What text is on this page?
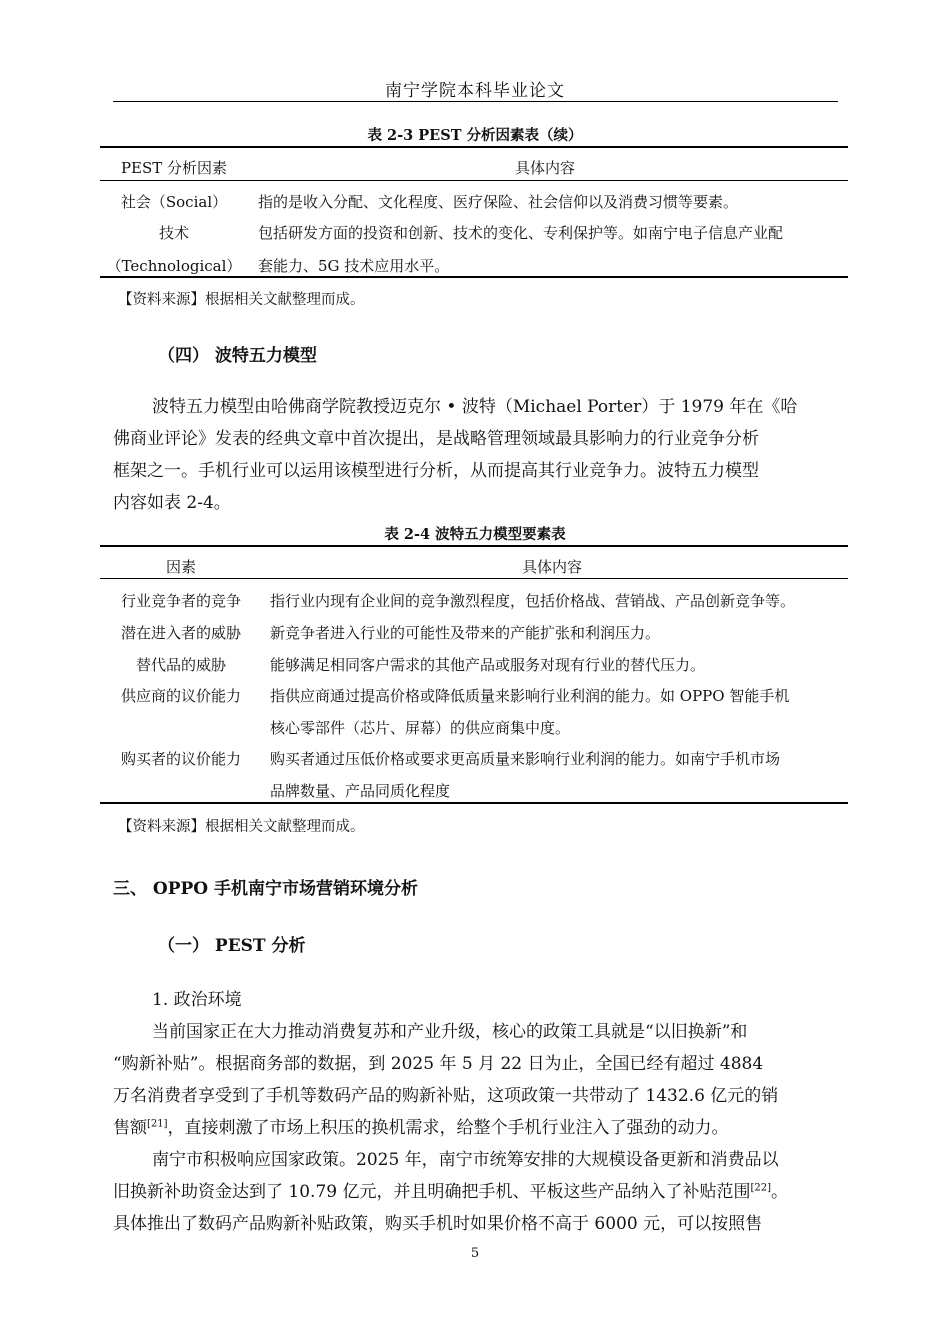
南宁学院本科毕业论文
表 2-3 PEST 分析因素表（续）
PEST 分析因素	具体内容
社会（Social）	指的是收入分配、文化程度、医疗保险、社会信仰以及消费习惯等要素。
技术	包括研发方面的投资和创新、技术的变化、专利保护等。如南宁电子信息产业配
（Technological）	套能力、5G 技术应用水平。
【资料来源】根据相关文献整理而成。
（四） 波特五力模型
波特五力模型由哈佛商学院教授迈克尔 • 波特（Michael Porter）于 1979 年在《哈
佛商业评论》发表的经典文章中首次提出，是战略管理领域最具影响力的行业竞争分析
框架之一。手机行业可以运用该模型进行分析，从而提高其行业竞争力。波特五力模型
内容如表 2-4。
表 2-4 波特五力模型要素表
因素	具体内容
行业竞争者的竞争	指行业内现有企业间的竞争激烈程度，包括价格战、营销战、产品创新竞争等。
潜在进入者的威胁	新竞争者进入行业的可能性及带来的产能扩张和利润压力。
替代品的威胁	能够满足相同客户需求的其他产品或服务对现有行业的替代压力。
供应商的议价能力	指供应商通过提高价格或降低质量来影响行业利润的能力。如 OPPO 智能手机
核心零部件（芯片、屏幕）的供应商集中度。
购买者的议价能力	购买者通过压低价格或要求更高质量来影响行业利润的能力。如南宁手机市场
品牌数量、产品同质化程度
【资料来源】根据相关文献整理而成。
三、 OPPO 手机南宁市场营销环境分析
（一） PEST 分析
1. 政治环境
当前国家正在大力推动消费复苏和产业升级，核心的政策工具就是“以旧换新”和
“购新补贴”。根据商务部的数据，到 2025 年 5 月 22 日为止，全国已经有超过 4884
万名消费者享受到了手机等数码产品的购新补贴，这项政策一共带动了 1432.6 亿元的销
售额[21]，直接刺激了市场上积压的换机需求，给整个手机行业注入了强劲的动力。
南宁市积极响应国家政策。2025 年，南宁市统筹安排的大规模设备更新和消费品以
旧换新补助资金达到了 10.79 亿元，并且明确把手机、平板这些产品纳入了补贴范围[22]。
具体推出了数码产品购新补贴政策，购买手机时如果价格不高于 6000 元，可以按照售
5
